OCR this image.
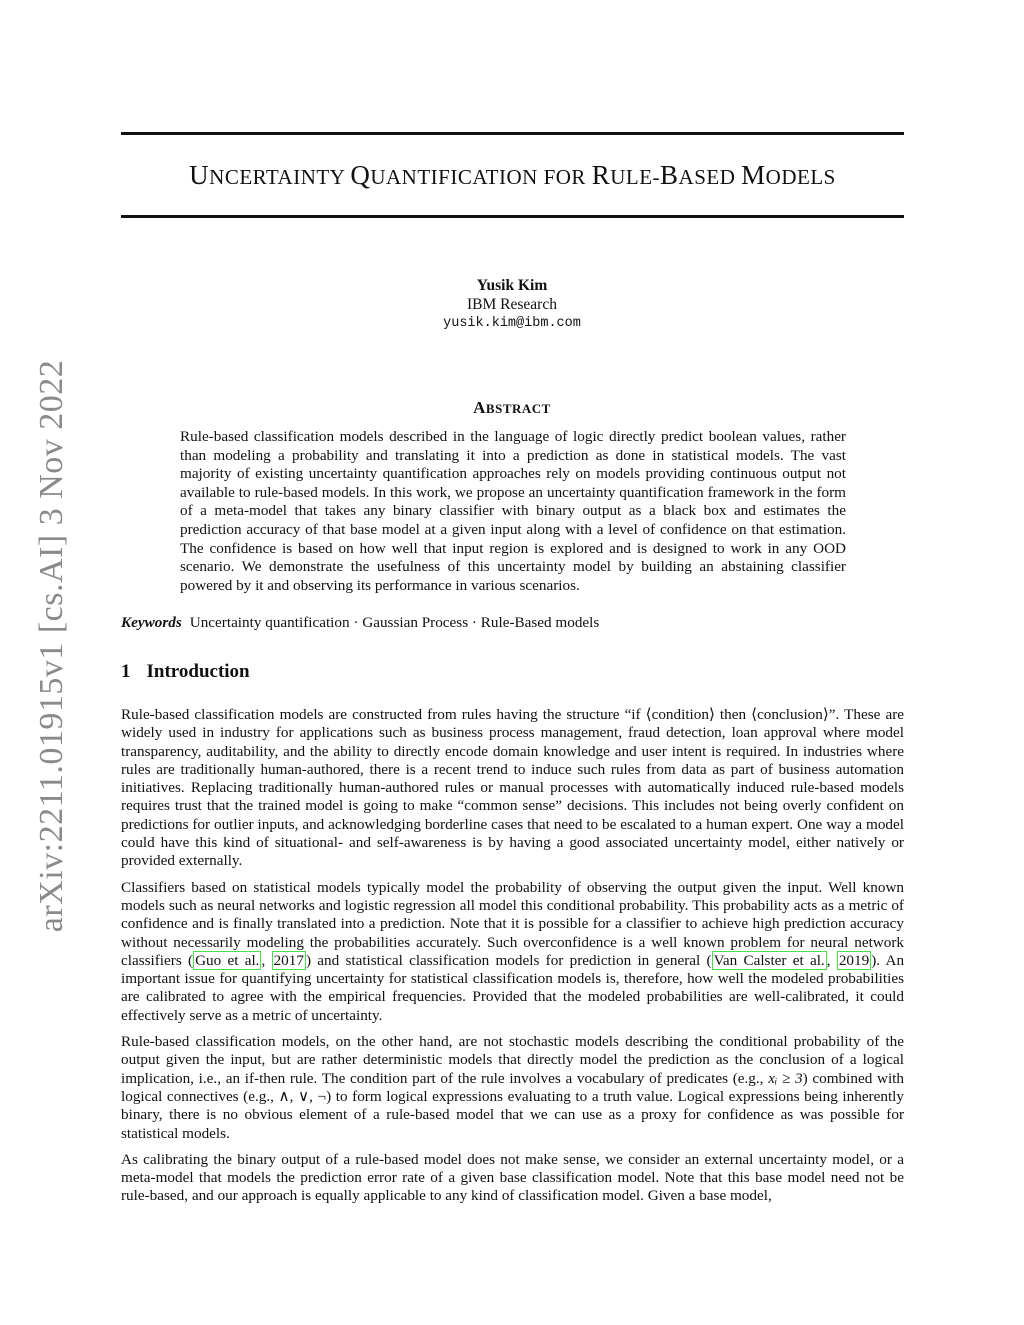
UNCERTAINTY QUANTIFICATION FOR RULE-BASED MODELS
Yusik Kim
IBM Research
yusik.kim@ibm.com
arXiv:2211.01915v1 [cs.AI] 3 Nov 2022	ABSTRACT

Rule-based classification models described in the language of logic directly predict boolean values, rather than modeling a probability and translating it into a prediction as done in statistical models. The vast majority of existing uncertainty quantification approaches rely on models providing continuous output not available to rule-based models. In this work, we propose an uncertainty quantification framework in the form of a meta-model that takes any binary classifier with binary output as a black box and estimates the prediction accuracy of that base model at a given input along with a level of confidence on that estimation. The confidence is based on how well that input region is explored and is designed to work in any OOD scenario. We demonstrate the usefulness of this uncertainty model by building an abstaining classifier powered by it and observing its performance in various scenarios.

Keywords Uncertainty quantification · Gaussian Process · Rule-Based models

1 Introduction

Rule-based classification models are constructed from rules having the structure “if ⟨condition⟩ then ⟨conclusion⟩”. These are widely used in industry for applications such as business process management, fraud detection, loan approval where model transparency, auditability, and the ability to directly encode domain knowledge and user intent is required. In industries where rules are traditionally human-authored, there is a recent trend to induce such rules from data as part of business automation initiatives. Replacing traditionally human-authored rules or manual processes with automatically induced rule-based models requires trust that the trained model is going to make “common sense” decisions. This includes not being overly confident on predictions for outlier inputs, and acknowledging borderline cases that need to be escalated to a human expert. One way a model could have this kind of situational- and self-awareness is by having a good associated uncertainty model, either natively or provided externally.

Classifiers based on statistical models typically model the probability of observing the output given the input. Well known models such as neural networks and logistic regression all model this conditional probability. This probability acts as a metric of confidence and is finally translated into a prediction. Note that it is possible for a classifier to achieve high prediction accuracy without necessarily modeling the probabilities accurately. Such overconfidence is a well known problem for neural network classifiers ( Guo et al. , 2017 ) and statistical classification models for prediction in general ( Van Calster et al. , 2019 ). An important issue for quantifying uncertainty for statistical classification models is, therefore, how well the modeled probabilities are calibrated to agree with the empirical frequencies. Provided that the modeled probabilities are well-calibrated, it could effectively serve as a metric of uncertainty.

Rule-based classification models, on the other hand, are not stochastic models describing the conditional probability of the output given the input, but are rather deterministic models that directly model the prediction as the conclusion of a logical implication, i.e., an if-then rule. The condition part of the rule involves a vocabulary of predicates (e.g., xᵢ ≥ 3) combined with logical connectives (e.g., ∧, ∨, ¬) to form logical expressions evaluating to a truth value. Logical expressions being inherently binary, there is no obvious element of a rule-based model that we can use as a proxy for confidence as was possible for statistical models.

As calibrating the binary output of a rule-based model does not make sense, we consider an external uncertainty model, or a meta-model that models the prediction error rate of a given base classification model. Note that this base model need not be rule-based, and our approach is equally applicable to any kind of classification model. Given a base model,
